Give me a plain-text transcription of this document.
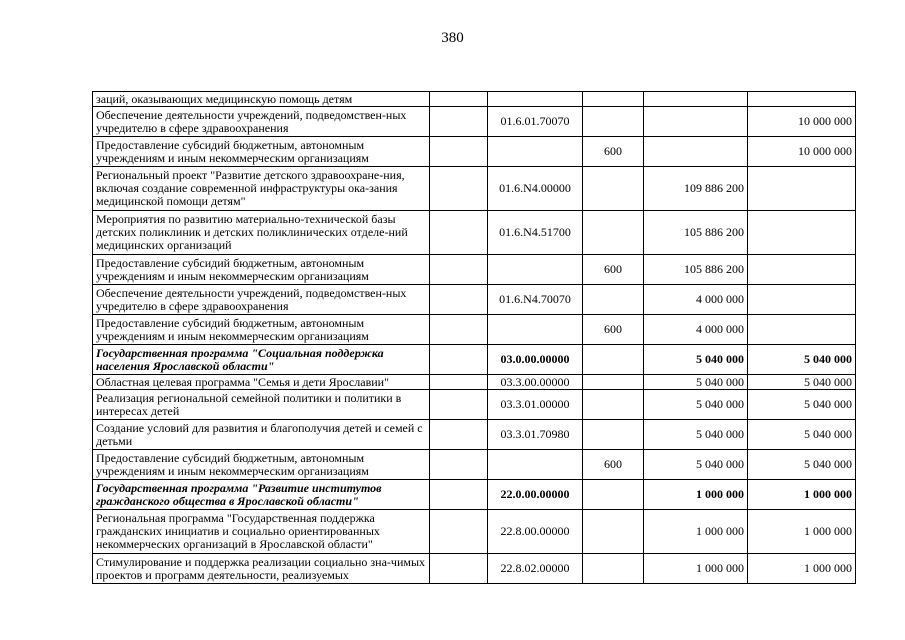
380
заций, оказывающих медицинскую помощь детям					
Обеспечение деятельности учреждений, подведомствен-ных учредителю в сфере здравоохранения		01.6.01.70070			10 000 000
Предоставление субсидий бюджетным, автономным учреждениям и иным некоммерческим организациям			600		10 000 000
Региональный проект "Развитие детского здравоохране-ния, включая создание современной инфраструктуры ока-зания медицинской помощи детям"		01.6.N4.00000		109 886 200	
Мероприятия по развитию материально-технической базы детских поликлиник и детских поликлинических отделе-ний медицинских организаций		01.6.N4.51700		105 886 200	
Предоставление субсидий бюджетным, автономным учреждениям и иным некоммерческим организациям			600	105 886 200	
Обеспечение деятельности учреждений, подведомствен-ных учредителю в сфере здравоохранения		01.6.N4.70070		4 000 000	
Предоставление субсидий бюджетным, автономным учреждениям и иным некоммерческим организациям			600	4 000 000	
Государственная программа "Социальная поддержка населения Ярославской области"		03.0.00.00000		5 040 000	5 040 000
Областная целевая программа "Семья и дети Ярославии"		03.3.00.00000		5 040 000	5 040 000
Реализация региональной семейной политики и политики в интересах детей		03.3.01.00000		5 040 000	5 040 000
Создание условий для развития и благополучия детей и семей с детьми		03.3.01.70980		5 040 000	5 040 000
Предоставление субсидий бюджетным, автономным учреждениям и иным некоммерческим организациям			600	5 040 000	5 040 000
Государственная программа "Развитие институтов гражданского общества в Ярославской области"		22.0.00.00000		1 000 000	1 000 000
Региональная программа "Государственная поддержка гражданских инициатив и социально ориентированных некоммерческих организаций в Ярославской области"		22.8.00.00000		1 000 000	1 000 000
Стимулирование и поддержка реализации социально зна-чимых проектов и программ деятельности, реализуемых		22.8.02.00000		1 000 000	1 000 000
